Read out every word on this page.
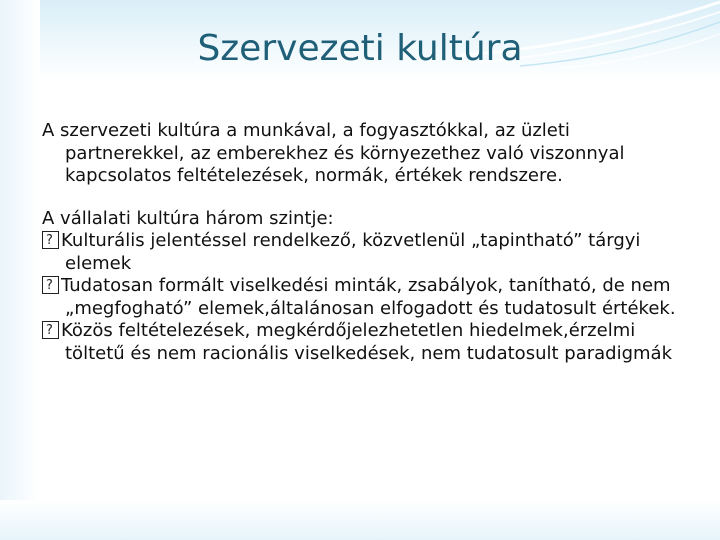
Szervezeti kultúra

A szervezeti kultúra a munkával, a fogyasztókkal, az üzleti partnerekkel, az emberekhez és környezethez való viszonnyal kapcsolatos feltételezések, normák, értékek rendszere.

A vállalati kultúra három szintje:

?Kulturális jelentéssel rendelkező, közvetlenül „tapintható” tárgyi elemek

?Tudatosan formált viselkedési minták, zsabályok, tanítható, de nem „megfogható” elemek,általánosan elfogadott és tudatosult értékek.

?Közös feltételezések, megkérdőjelezhetetlen hiedelmek,érzelmi töltetű és nem racionális viselkedések, nem tudatosult paradigmák
